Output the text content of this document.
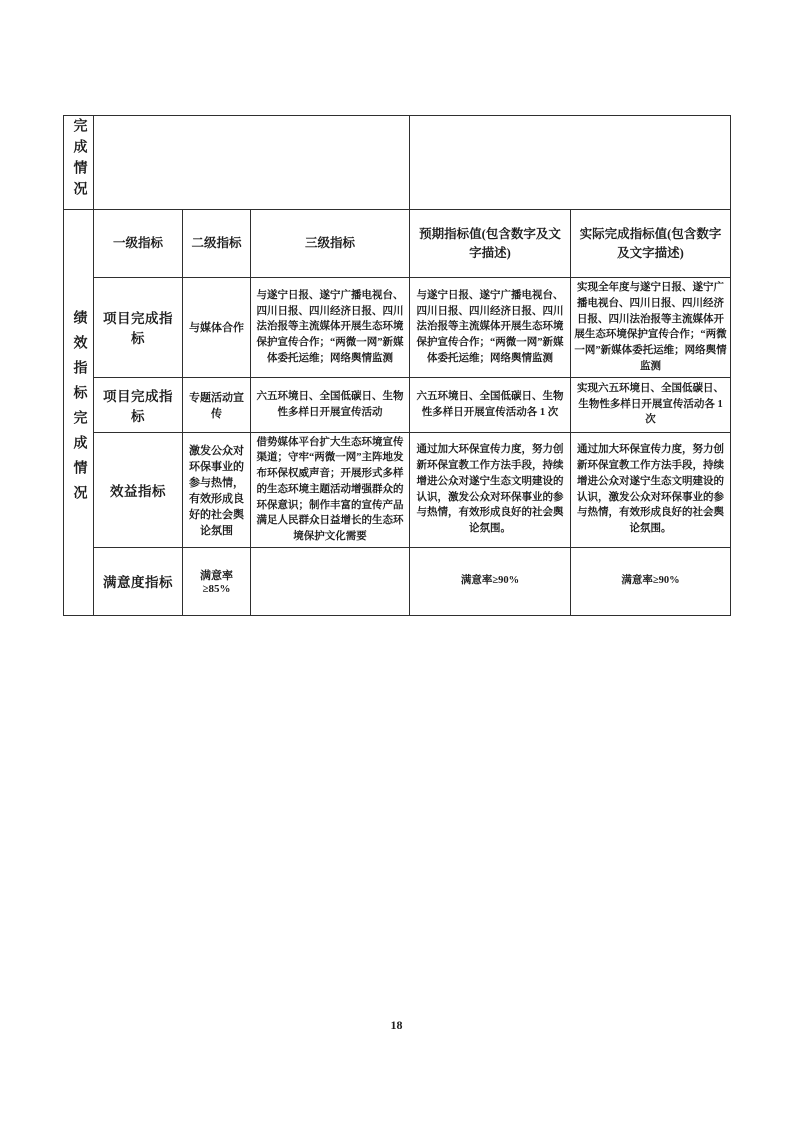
完成情况					
绩效指标完成情况	一级指标	二级指标	三级指标	预期指标值(包含数字及文字描述)	实际完成指标值(包含数字及文字描述)
	项目完成指标	与媒体合作	与遂宁日报、遂宁广播电视台、四川日报、四川经济日报、四川法治报等主流媒体开展生态环境保护宣传合作；“两微一网”新媒体委托运维；网络舆情监测	与遂宁日报、遂宁广播电视台、四川日报、四川经济日报、四川法治报等主流媒体开展生态环境保护宣传合作；“两微一网”新媒体委托运维；网络舆情监测	实现全年度与遂宁日报、遂宁广播电视台、四川日报、四川经济日报、四川法治报等主流媒体开展生态环境保护宣传合作；“两微一网”新媒体委托运维；网络舆情监测
	项目完成指标	专题活动宣传	六五环境日、全国低碳日、生物性多样日开展宣传活动	六五环境日、全国低碳日、生物性多样日开展宣传活动各 1 次	实现六五环境日、全国低碳日、生物性多样日开展宣传活动各 1 次
	效益指标	激发公众对环保事业的参与热情，有效形成良好的社会舆论氛围	借势媒体平台扩大生态环境宣传渠道；守牢“两微一网”主阵地发布环保权威声音；开展形式多样的生态环境主题活动增强群众的环保意识；制作丰富的宣传产品满足人民群众日益增长的生态环境保护文化需要	通过加大环保宣传力度，努力创新环保宣教工作方法手段，持续增进公众对遂宁生态文明建设的认识，激发公众对环保事业的参与热情，有效形成良好的社会舆论氛围。	通过加大环保宣传力度，努力创新环保宣教工作方法手段，持续增进公众对遂宁生态文明建设的认识，激发公众对环保事业的参与热情，有效形成良好的社会舆论氛围。
	满意度指标	满意率≥85%		满意率≥90%	满意率≥90%
18
